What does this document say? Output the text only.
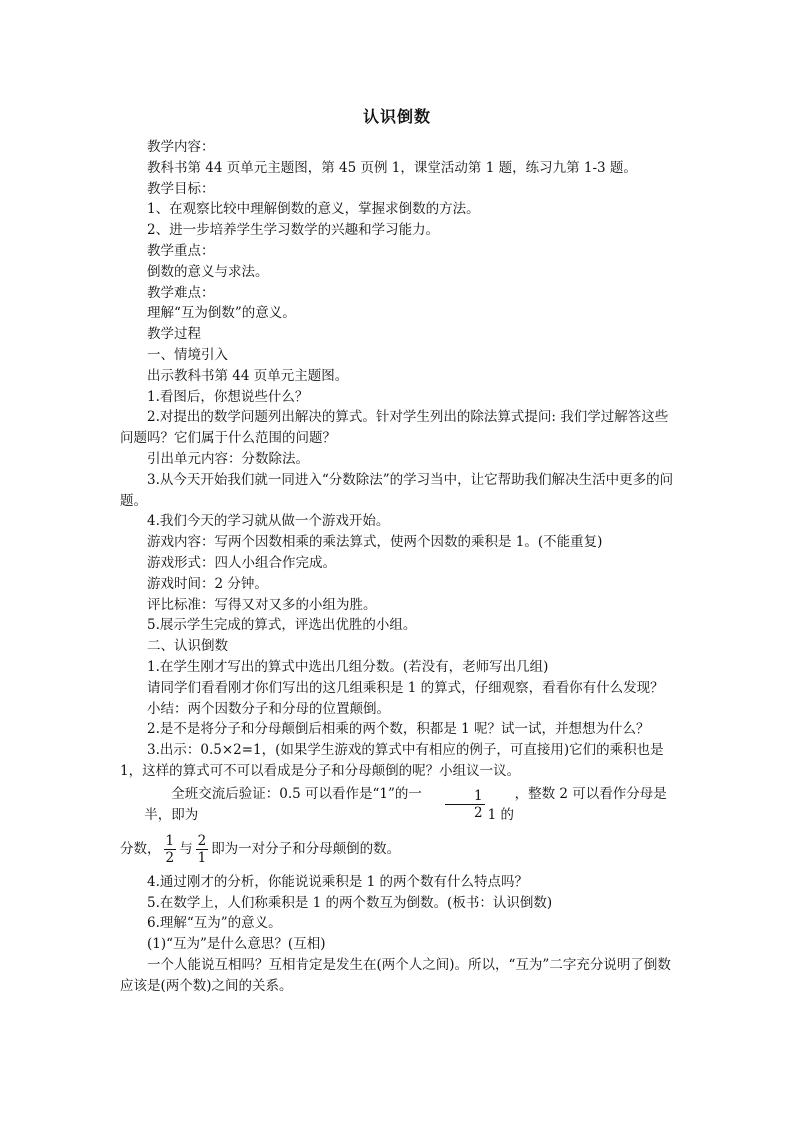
认识倒数

教学内容：

教科书第 44 页单元主题图，第 45 页例 1，课堂活动第 1 题，练习九第 1-3 题。

教学目标：

1、在观察比较中理解倒数的意义，掌握求倒数的方法。

2、进一步培养学生学习数学的兴趣和学习能力。

教学重点：

倒数的意义与求法。

教学难点：

理解“互为倒数”的意义。

教学过程

一、情境引入

出示教科书第 44 页单元主题图。

1.看图后，你想说些什么？

2.对提出的数学问题列出解决的算式。针对学生列出的除法算式提问: 我们学过解答这些问题吗？它们属于什么范围的问题？

引出单元内容：分数除法。

3.从今天开始我们就一同进入“分数除法”的学习当中，让它帮助我们解决生活中更多的问题。

4.我们今天的学习就从做一个游戏开始。

游戏内容：写两个因数相乘的乘法算式，使两个因数的乘积是 1。(不能重复)

游戏形式：四人小组合作完成。

游戏时间：2 分钟。

评比标准：写得又对又多的小组为胜。

5.展示学生完成的算式，评选出优胜的小组。

二、认识倒数

1.在学生刚才写出的算式中选出几组分数。(若没有，老师写出几组)

请同学们看看刚才你们写出的这几组乘积是 1 的算式，仔细观察，看看你有什么发现？

小结：两个因数分子和分母的位置颠倒。

2.是不是将分子和分母颠倒后相乘的两个数，积都是 1 呢？试一试，并想想为什么？

3.出示：0.5×2=1，(如果学生游戏的算式中有相应的例子，可直接用)它们的乘积也是 1，这样的算式可不可以看成是分子和分母颠倒的呢？小组议一议。

全班交流后验证：0.5 可以看作是“1”的一半，即为	$\frac{1}{2}$	，整数 2 可以看作分母是 1 的

分数， $\frac{1}{2}$ 与 $\frac{2}{1}$ 即为一对分子和分母颠倒的数。

4.通过刚才的分析，你能说说乘积是 1 的两个数有什么特点吗？

5.在数学上，人们称乘积是 1 的两个数互为倒数。(板书：认识倒数)

6.理解“互为”的意义。

(1)“互为”是什么意思？(互相)

一个人能说互相吗？互相肯定是发生在(两个人之间)。所以，“互为”二字充分说明了倒数应该是(两个数)之间的关系。
